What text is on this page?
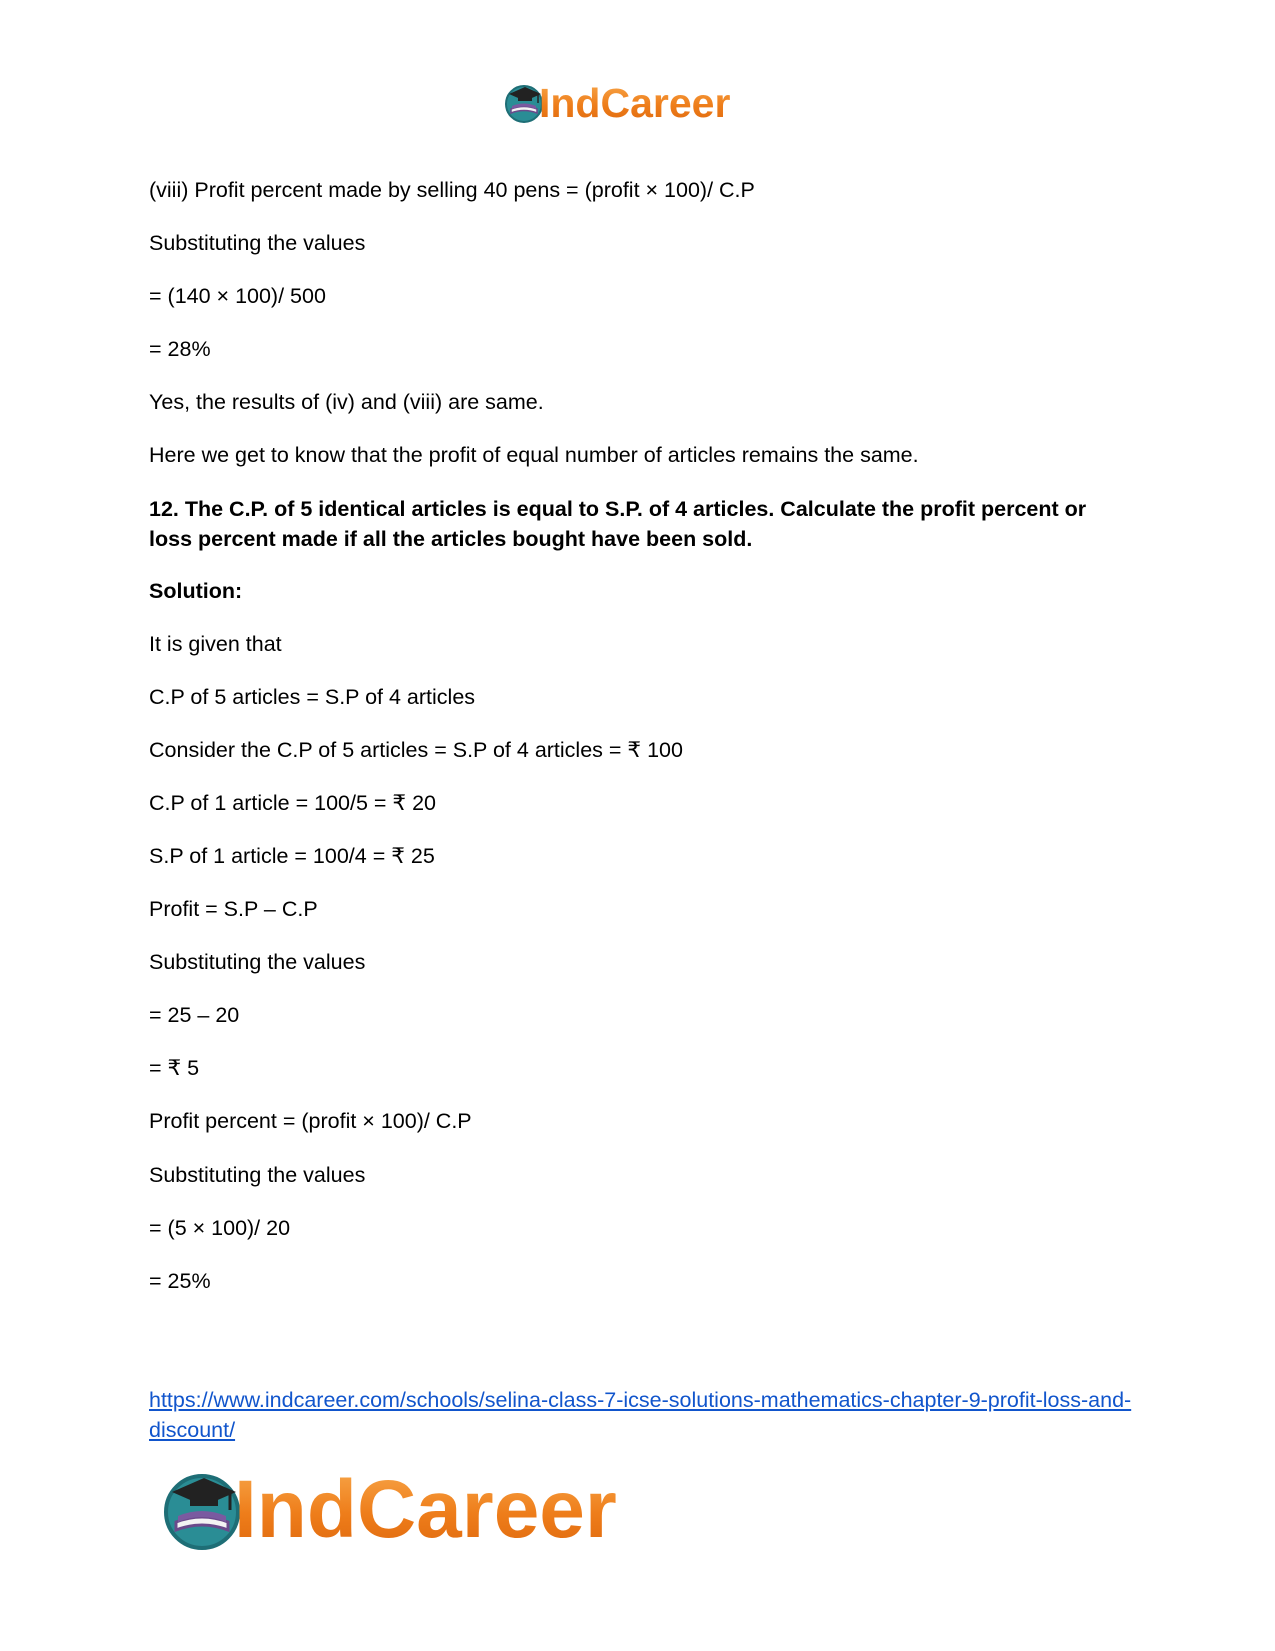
IndCareer
(viii) Profit percent made by selling 40 pens = (profit × 100)/ C.P
Substituting the values
= (140 × 100)/ 500
= 28%
Yes, the results of (iv) and (viii) are same.
Here we get to know that the profit of equal number of articles remains the same.
12. The C.P. of 5 identical articles is equal to S.P. of 4 articles. Calculate the profit percent or loss percent made if all the articles bought have been sold.
Solution:
It is given that
C.P of 5 articles = S.P of 4 articles
Consider the C.P of 5 articles = S.P of 4 articles = ₹ 100
C.P of 1 article = 100/5 = ₹ 20
S.P of 1 article = 100/4 = ₹ 25
Profit = S.P – C.P
Substituting the values
= 25 – 20
= ₹ 5
Profit percent = (profit × 100)/ C.P
Substituting the values
= (5 × 100)/ 20
= 25%
https://www.indcareer.com/schools/selina-class-7-icse-solutions-mathematics-chapter-9-profit-loss-and-discount/
IndCareer
